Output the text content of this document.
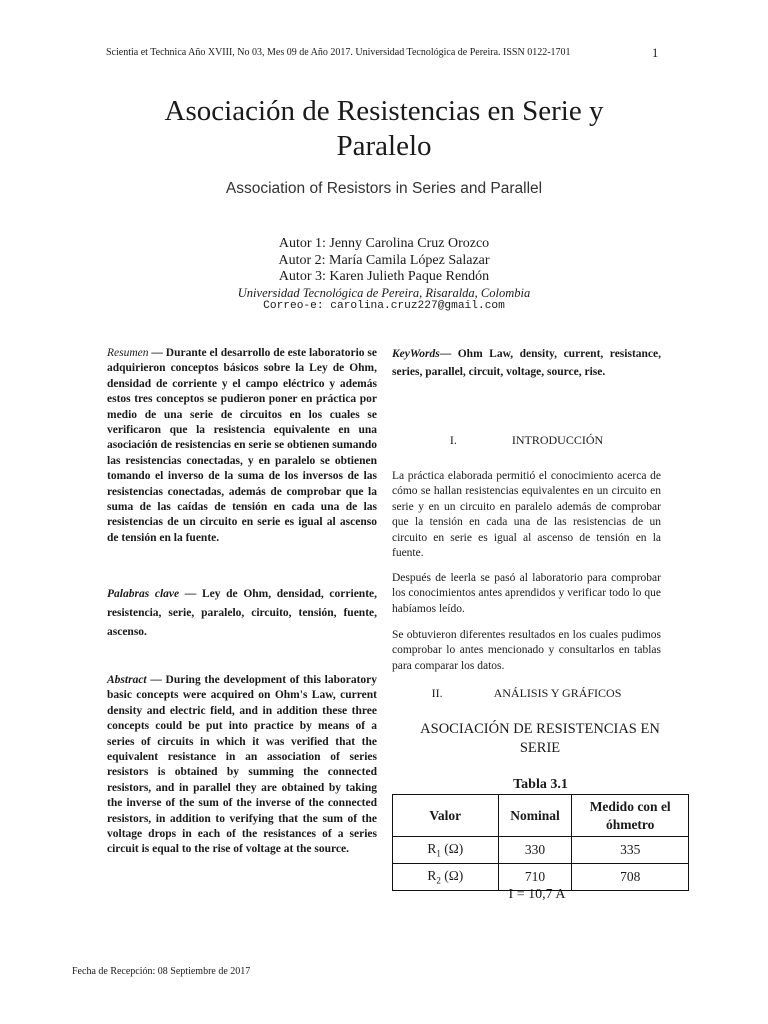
Scientia et Technica Año XVIII, No 03, Mes 09 de Año 2017. Universidad Tecnológica de Pereira. ISSN 0122-1701	1
Asociación de Resistencias en Serie y
Paralelo
Association of Resistors in Series and Parallel
Autor 1: Jenny Carolina Cruz Orozco
Autor 2: María Camila López Salazar
Autor 3: Karen Julieth Paque Rendón
Universidad Tecnológica de Pereira, Risaralda, Colombia
Correo-e: carolina.cruz227@gmail.com
Resumen — Durante el desarrollo de este laboratorio se adquirieron conceptos básicos sobre la Ley de Ohm, densidad de corriente y el campo eléctrico y además estos tres conceptos se pudieron poner en práctica por medio de una serie de circuitos en los cuales se verificaron que la resistencia equivalente en una asociación de resistencias en serie se obtienen sumando las resistencias conectadas, y en paralelo se obtienen tomando el inverso de la suma de los inversos de las resistencias conectadas, además de comprobar que la suma de las caídas de tensión en cada una de las resistencias de un circuito en serie es igual al ascenso de tensión en la fuente.
Palabras clave — Ley de Ohm, densidad, corriente, resistencia, serie, paralelo, circuito, tensión, fuente, ascenso.
Abstract — During the development of this laboratory basic concepts were acquired on Ohm's Law, current density and electric field, and in addition these three concepts could be put into practice by means of a series of circuits in which it was verified that the equivalent resistance in an association of series resistors is obtained by summing the connected resistors, and in parallel they are obtained by taking the inverse of the sum of the inverse of the connected resistors, in addition to verifying that the sum of the voltage drops in each of the resistances of a series circuit is equal to the rise of voltage at the source.
KeyWords— Ohm Law, density, current, resistance, series, parallel, circuit, voltage, source, rise.
I.	INTRODUCCIÓN
La práctica elaborada permitió el conocimiento acerca de cómo se hallan resistencias equivalentes en un circuito en serie y en un circuito en paralelo además de comprobar que la tensión en cada una de las resistencias de un circuito en serie es igual al ascenso de tensión en la fuente.
Después de leerla se pasó al laboratorio para comprobar los conocimientos antes aprendidos y verificar todo lo que habíamos leído.
Se obtuvieron diferentes resultados en los cuales pudimos comprobar lo antes mencionado y consultarlos en tablas para comparar los datos.
II.	ANÁLISIS Y GRÁFICOS
ASOCIACIÓN DE RESISTENCIAS EN SERIE
Tabla 3.1
Valor	Nominal	Medido con el óhmetro
$R_1$ (Ω)	330	335
$R_2$ (Ω)	710	708
I = 10,7 A
Fecha de Recepción: 08 Septiembre de 2017
